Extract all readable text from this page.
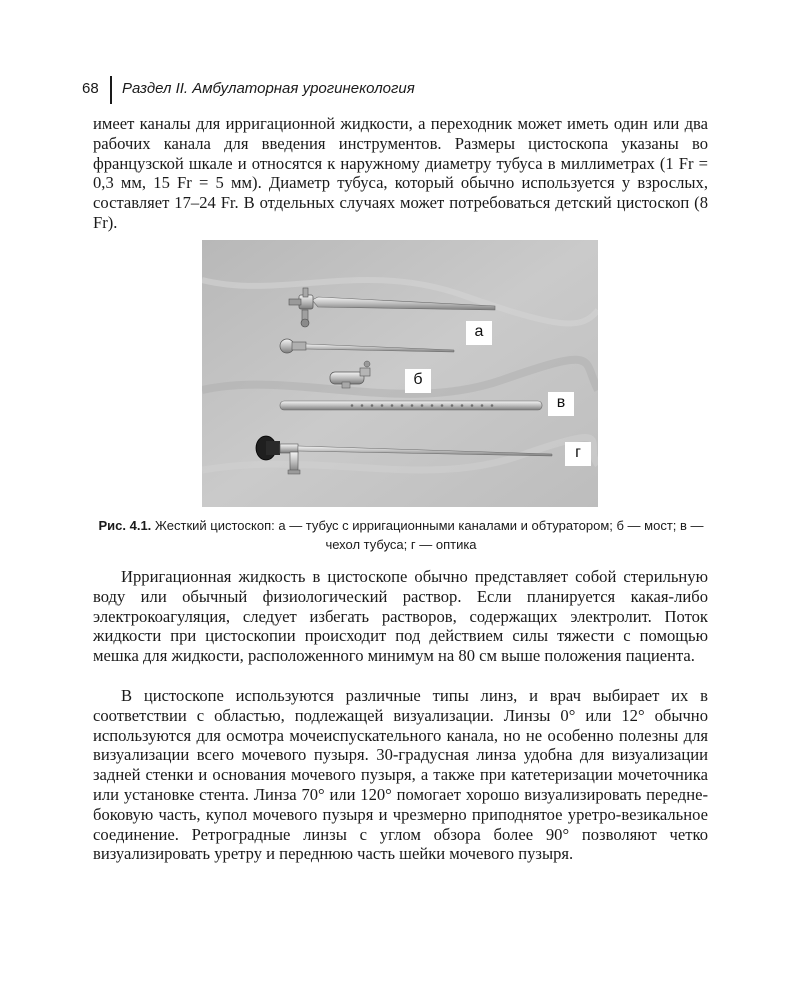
68 Раздел II. Амбулаторная урогинекология

имеет каналы для ирригационной жидкости, а переходник может иметь один или два рабочих канала для введения инструментов. Размеры цистоскопа указаны во французской шкале и относятся к наружному диаметру тубуса в миллиметрах (1 Fr = 0,3 мм, 15 Fr = 5 мм). Диаметр тубуса, который обычно используется у взрослых, составляет 17–24 Fr. В отдельных случаях может потребоваться детский цистоскоп (8 Fr).

а
б
в
г

Рис. 4.1. Жесткий цистоскоп: а — тубус с ирригационными каналами и обтуратором; б — мост; в — чехол тубуса; г — оптика

Ирригационная жидкость в цистоскопе обычно представляет собой стерильную воду или обычный физиологический раствор. Если планируется какая-либо электрокоагуляция, следует избегать растворов, содержащих электролит. Поток жидкости при цистоскопии происходит под действием силы тяжести с помощью мешка для жидкости, расположенного минимум на 80 см выше положения пациента.

В цистоскопе используются различные типы линз, и врач выбирает их в соответствии с областью, подлежащей визуализации. Линзы 0° или 12° обычно используются для осмотра мочеиспускательного канала, но не особенно полезны для визуализации всего мочевого пузыря. 30-градусная линза удобна для визуализации задней стенки и основания мочевого пузыря, а также при катетеризации мочеточника или установке стента. Линза 70° или 120° помогает хорошо визуализировать переднебоковую часть, купол мочевого пузыря и чрезмерно приподнятое уретро-везикальное соединение. Ретроградные линзы с углом обзора более 90° позволяют четко визуализировать уретру и переднюю часть шейки мочевого пузыря.
